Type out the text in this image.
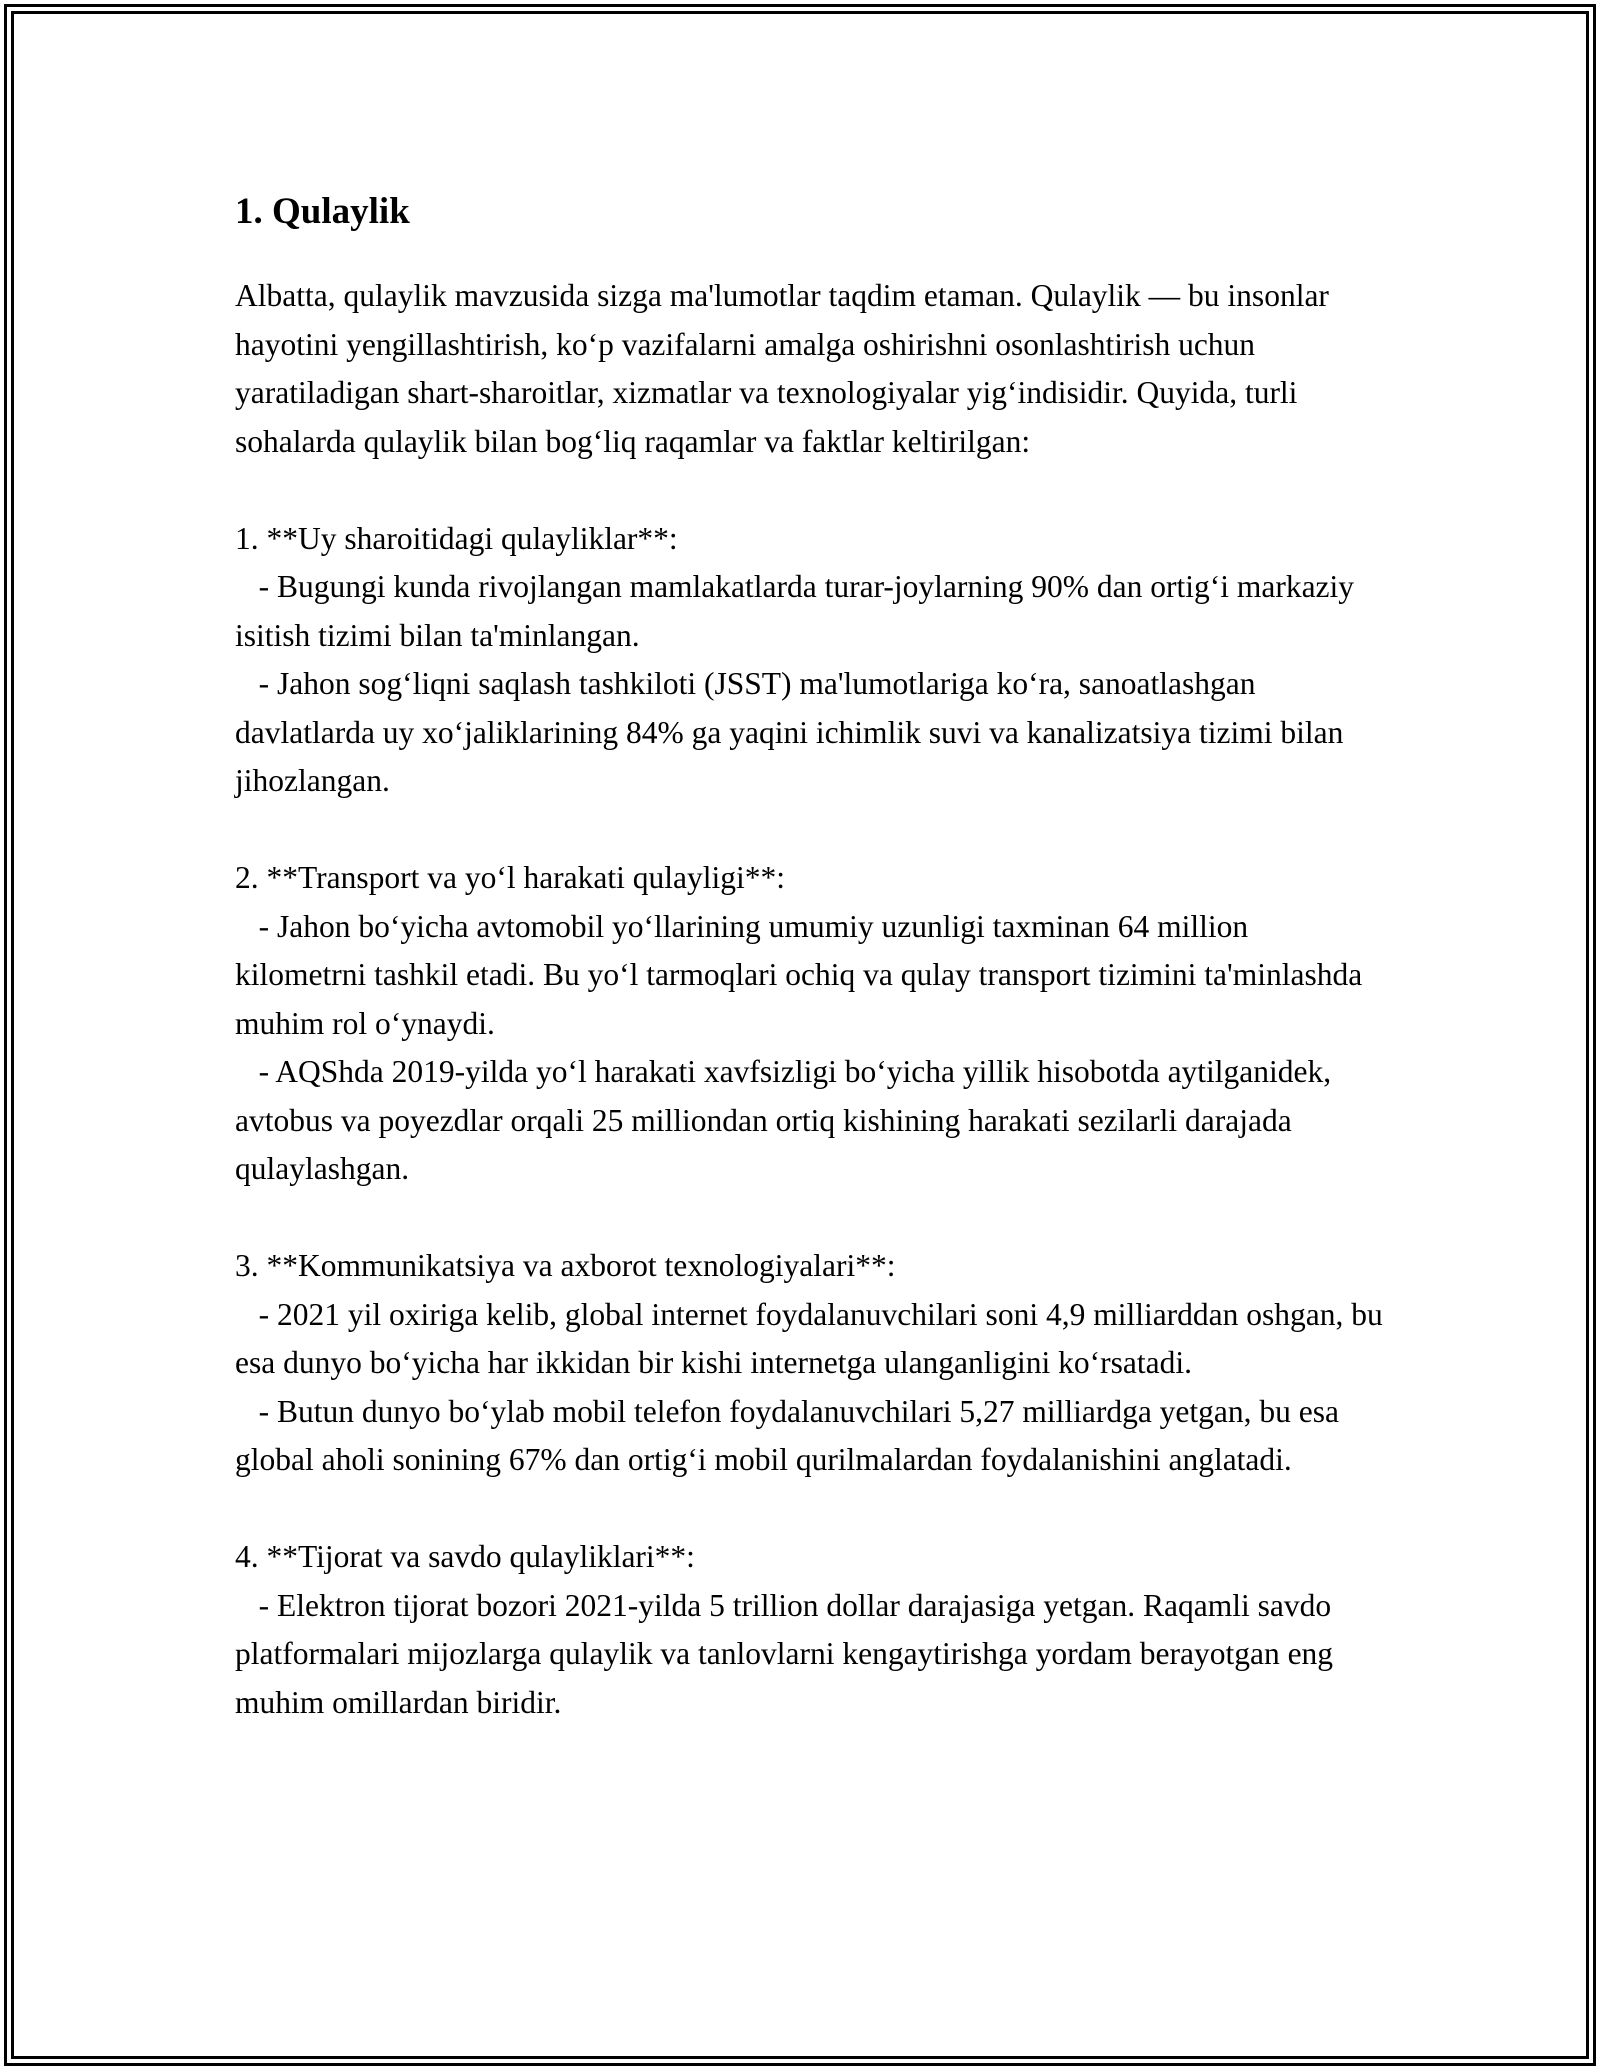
1. Qulaylik

Albatta, qulaylik mavzusida sizga ma'lumotlar taqdim etaman. Qulaylik — bu insonlar hayotini yengillashtirish, ko‘p vazifalarni amalga oshirishni osonlashtirish uchun yaratiladigan shart-sharoitlar, xizmatlar va texnologiyalar yig‘indisidir. Quyida, turli sohalarda qulaylik bilan bog‘liq raqamlar va faktlar keltirilgan:

1. **Uy sharoitidagi qulayliklar**:

- Bugungi kunda rivojlangan mamlakatlarda turar-joylarning 90% dan ortig‘i markaziy isitish tizimi bilan ta'minlangan.

- Jahon sog‘liqni saqlash tashkiloti (JSST) ma'lumotlariga ko‘ra, sanoatlashgan davlatlarda uy xo‘jaliklarining 84% ga yaqini ichimlik suvi va kanalizatsiya tizimi bilan jihozlangan.

2. **Transport va yo‘l harakati qulayligi**:

- Jahon bo‘yicha avtomobil yo‘llarining umumiy uzunligi taxminan 64 million kilometrni tashkil etadi. Bu yo‘l tarmoqlari ochiq va qulay transport tizimini ta'minlashda muhim rol o‘ynaydi.

- AQShda 2019-yilda yo‘l harakati xavfsizligi bo‘yicha yillik hisobotda aytilganidek, avtobus va poyezdlar orqali 25 milliondan ortiq kishining harakati sezilarli darajada qulaylashgan.

3. **Kommunikatsiya va axborot texnologiyalari**:

- 2021 yil oxiriga kelib, global internet foydalanuvchilari soni 4,9 milliarddan oshgan, bu esa dunyo bo‘yicha har ikkidan bir kishi internetga ulanganligini ko‘rsatadi.

- Butun dunyo bo‘ylab mobil telefon foydalanuvchilari 5,27 milliardga yetgan, bu esa global aholi sonining 67% dan ortig‘i mobil qurilmalardan foydalanishini anglatadi.

4. **Tijorat va savdo qulayliklari**:

- Elektron tijorat bozori 2021-yilda 5 trillion dollar darajasiga yetgan. Raqamli savdo platformalari mijozlarga qulaylik va tanlovlarni kengaytirishga yordam berayotgan eng muhim omillardan biridir.
